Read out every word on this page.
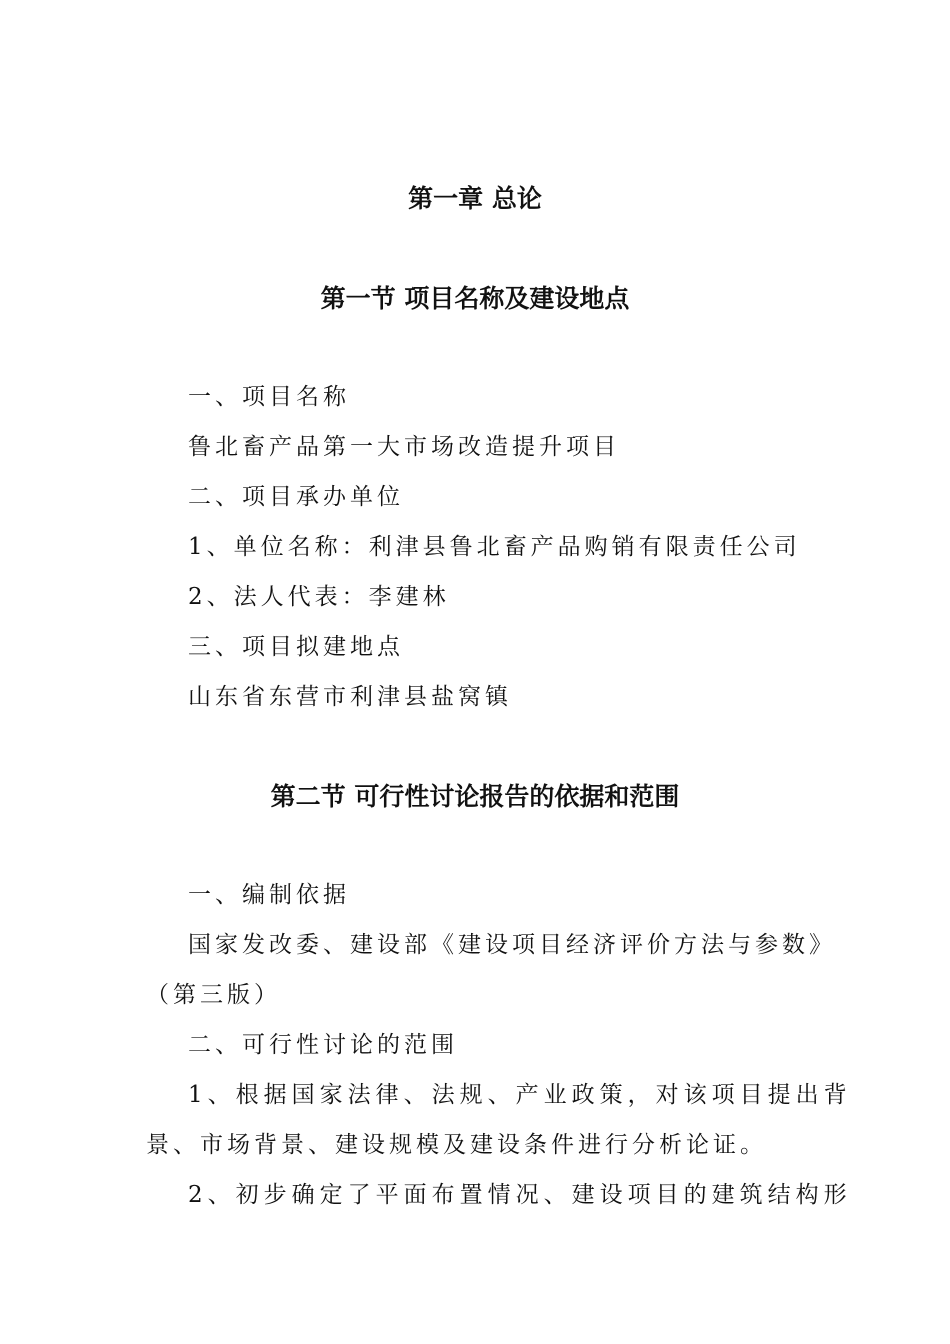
第一章 总论
第一节 项目名称及建设地点
一、项目名称
鲁北畜产品第一大市场改造提升项目
二、项目承办单位
1、单位名称：利津县鲁北畜产品购销有限责任公司
2、法人代表：李建林
三、项目拟建地点
山东省东营市利津县盐窝镇
第二节 可行性讨论报告的依据和范围
一、编制依据
国家发改委、建设部《建设项目经济评价方法与参数》
（第三版）
二、可行性讨论的范围
1、根据国家法律、法规、产业政策，对该项目提出背
景、市场背景、建设规模及建设条件进行分析论证。
2、初步确定了平面布置情况、建设项目的建筑结构形
